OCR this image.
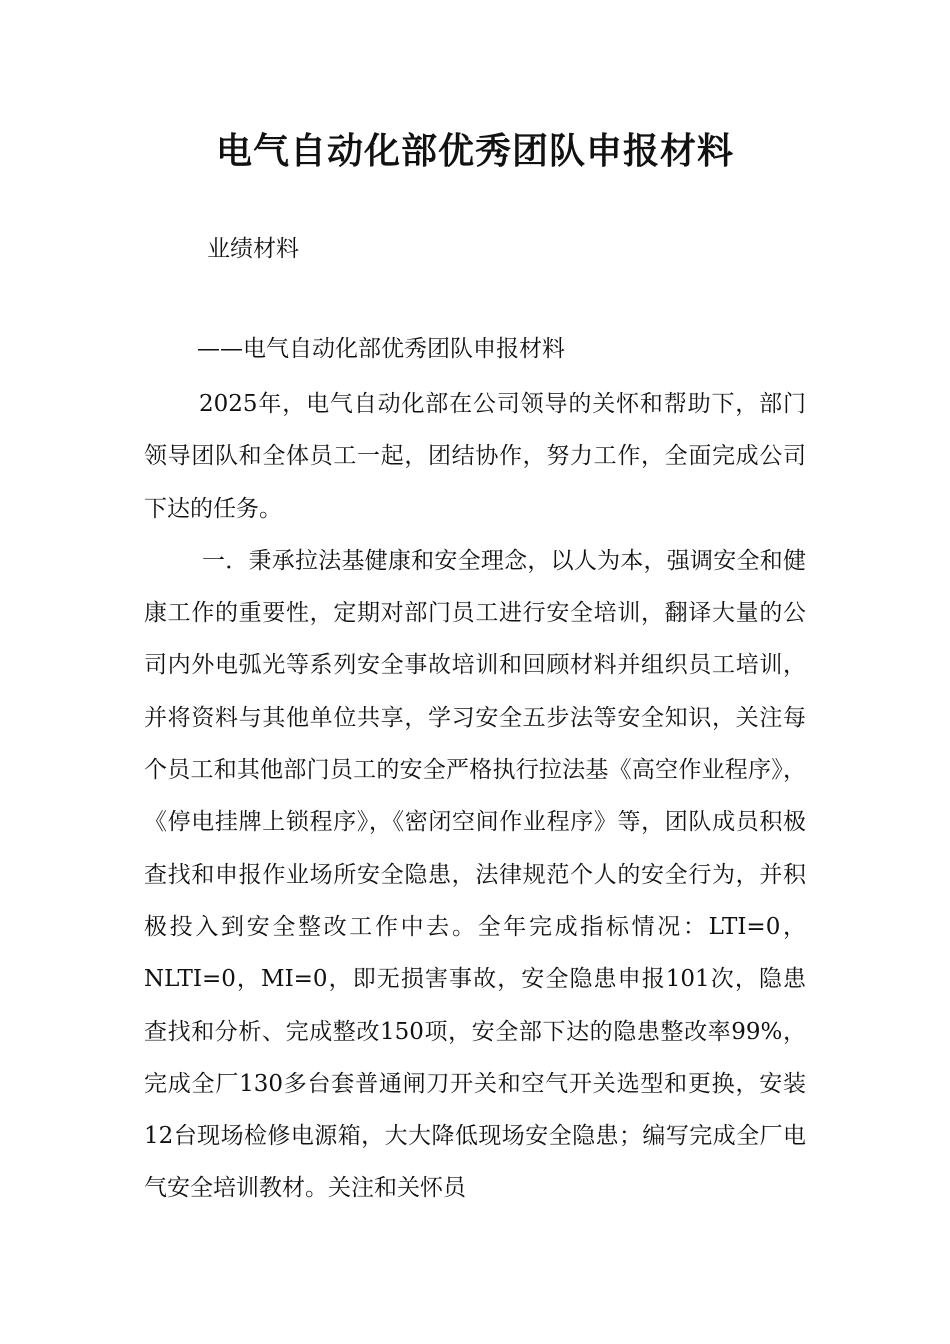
电气自动化部优秀团队申报材料
业绩材料
——电气自动化部优秀团队申报材料

2025年，电气自动化部在公司领导的关怀和帮助下，部门领导团队和全体员工一起，团结协作，努力工作，全面完成公司下达的任务。

一．秉承拉法基健康和安全理念，以人为本，强调安全和健康工作的重要性，定期对部门员工进行安全培训，翻译大量的公司内外电弧光等系列安全事故培训和回顾材料并组织员工培训，并将资料与其他单位共享，学习安全五步法等安全知识，关注每个员工和其他部门员工的安全严格执行拉法基《高空作业程序》，《停电挂牌上锁程序》，《密闭空间作业程序》等，团队成员积极查找和申报作业场所安全隐患，法律规范个人的安全行为，并积极投入到安全整改工作中去。全年完成指标情况：LTI=0，NLTI=0，MI=0，即无损害事故，安全隐患申报101次，隐患查找和分析、完成整改150项，安全部下达的隐患整改率99%，完成全厂130多台套普通闸刀开关和空气开关选型和更换，安装12台现场检修电源箱，大大降低现场安全隐患；编写完成全厂电气安全培训教材。关注和关怀员
